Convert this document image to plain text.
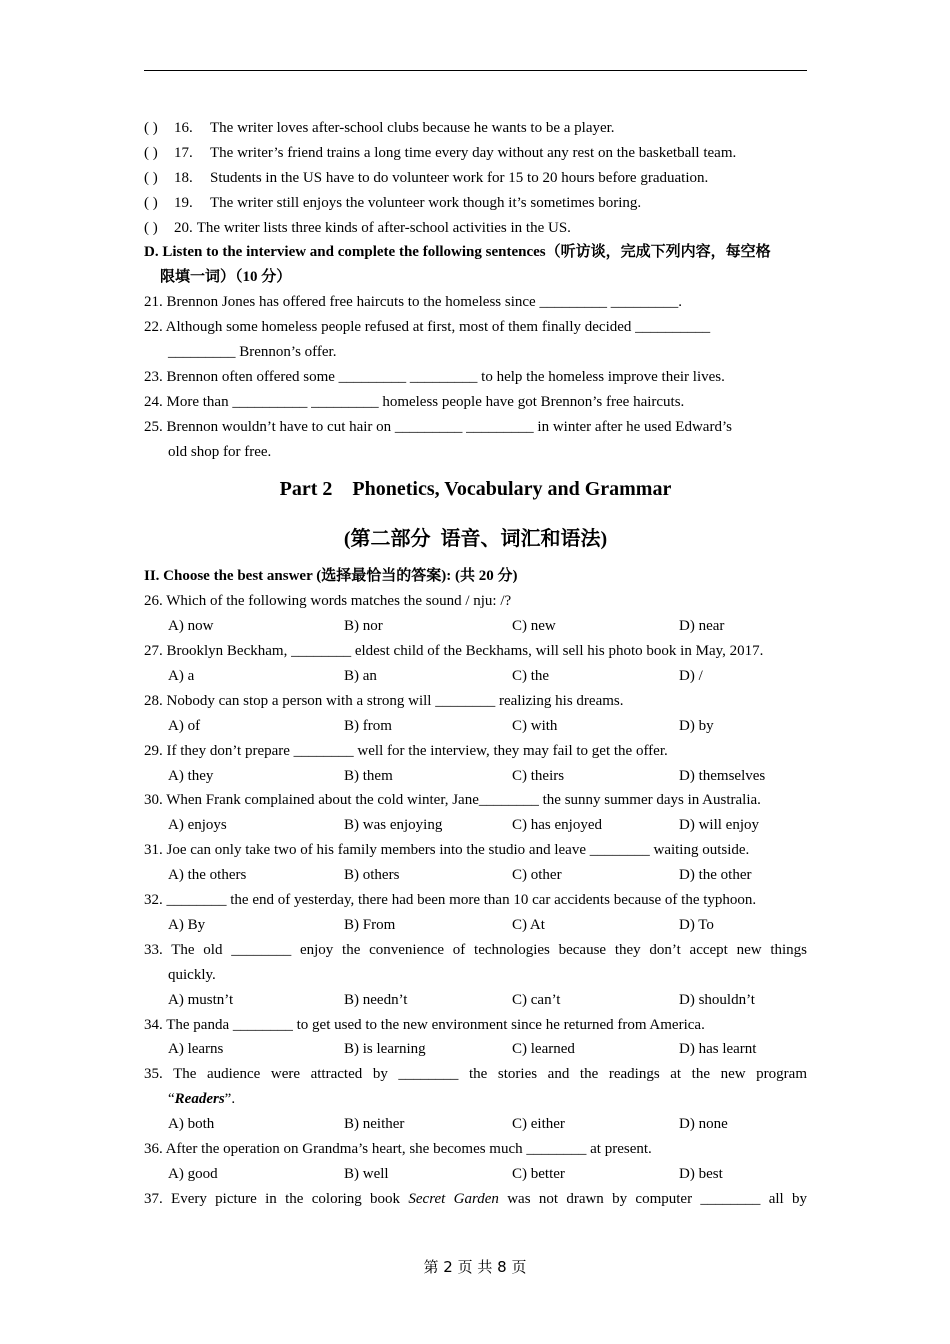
( ) 16. The writer loves after-school clubs because he wants to be a player.
( ) 17. The writer’s friend trains a long time every day without any rest on the basketball team.
( ) 18. Students in the US have to do volunteer work for 15 to 20 hours before graduation.
( ) 19. The writer still enjoys the volunteer work though it’s sometimes boring.
( ) 20. The writer lists three kinds of after-school activities in the US.
D. Listen to the interview and complete the following sentences（听访谈，完成下列内容，每空格
限填一词）（10 分）
21. Brennon Jones has offered free haircuts to the homeless since _________ _________.
22. Although some homeless people refused at first, most of them finally decided __________
_________ Brennon’s offer.
23. Brennon often offered some _________ _________ to help the homeless improve their lives.
24. More than __________ _________ homeless people have got Brennon’s free haircuts.
25. Brennon wouldn’t have to cut hair on _________ _________ in winter after he used Edward’s
old shop for free.
Part 2    Phonetics, Vocabulary and Grammar
(第二部分  语音、词汇和语法)
II. Choose the best answer (选择最恰当的答案): (共 20 分)
26. Which of the following words matches the sound / nju: /?
A) now	B) nor	C) new	D) near
27. Brooklyn Beckham, ________ eldest child of the Beckhams, will sell his photo book in May, 2017.
A) a	B) an	C) the	D) /
28. Nobody can stop a person with a strong will ________ realizing his dreams.
A) of	B) from	C) with	D) by
29. If they don’t prepare ________ well for the interview, they may fail to get the offer.
A) they	B) them	C) theirs	D) themselves
30. When Frank complained about the cold winter, Jane________ the sunny summer days in Australia.
A) enjoys	B) was enjoying	C) has enjoyed	D) will enjoy
31. Joe can only take two of his family members into the studio and leave ________ waiting outside.
A) the others	B) others	C) other	D) the other
32. ________ the end of yesterday, there had been more than 10 car accidents because of the typhoon.
A) By	B) From	C) At	D) To
33. The old ________ enjoy the convenience of technologies because they don’t accept new things
quickly.
A) mustn’t	B) needn’t	C) can’t	D) shouldn’t
34. The panda ________ to get used to the new environment since he returned from America.
A) learns	B) is learning	C) learned	D) has learnt
35. The audience were attracted by ________ the stories and the readings at the new program
“Readers”.
A) both	B) neither	C) either	D) none
36. After the operation on Grandma’s heart, she becomes much ________ at present.
A) good	B) well	C) better	D) best
37. Every picture in the coloring book Secret Garden was not drawn by computer ________ all by
第 2 页 共 8 页
